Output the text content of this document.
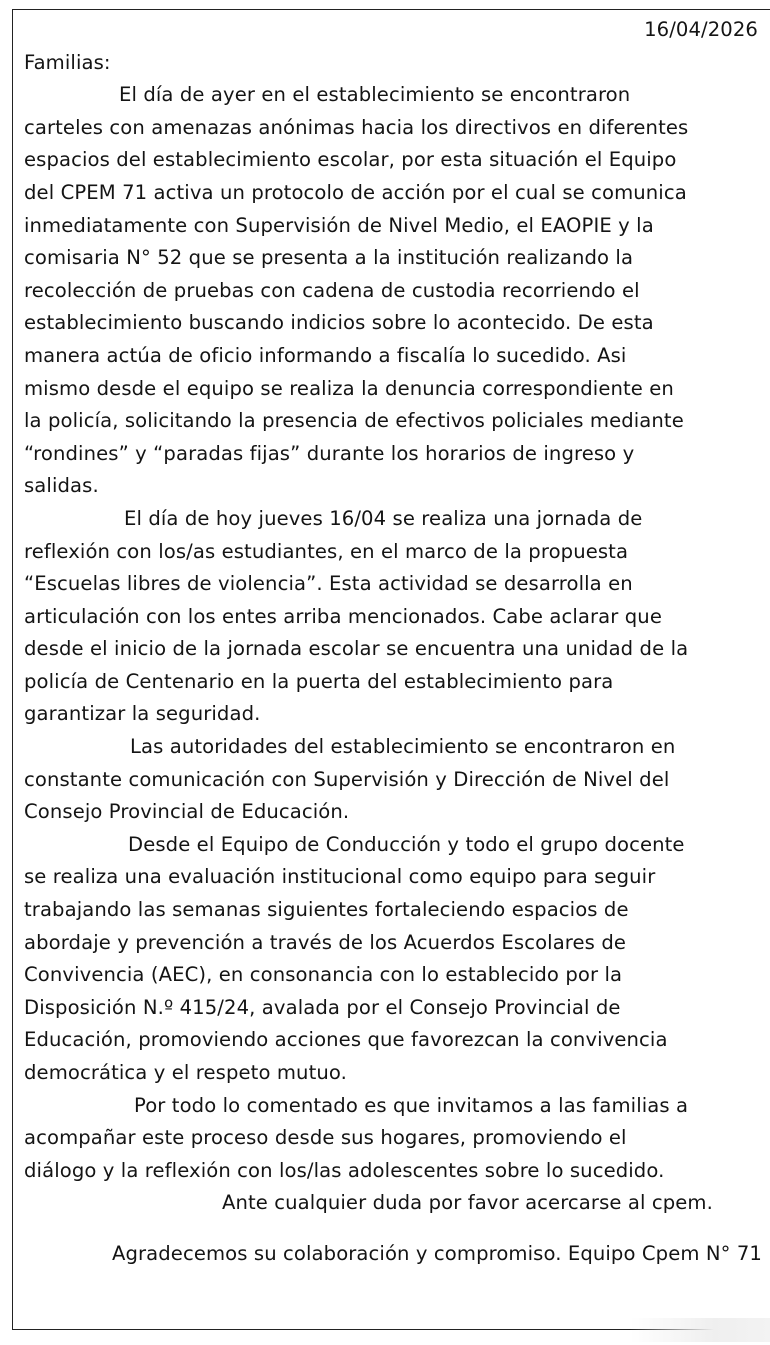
16/04/2026
Familias:
El día de ayer en el establecimiento se encontraron
carteles con amenazas anónimas hacia los directivos en diferentes
espacios del establecimiento escolar, por esta situación el Equipo
del CPEM 71 activa un protocolo de acción por el cual se comunica
inmediatamente con Supervisión de Nivel Medio, el EAOPIE y la
comisaria N° 52 que se presenta a la institución realizando la
recolección de pruebas con cadena de custodia recorriendo el
establecimiento buscando indicios sobre lo acontecido. De esta
manera actúa de oficio informando a fiscalía lo sucedido. Asi
mismo desde el equipo se realiza la denuncia correspondiente en
la policía, solicitando la presencia de efectivos policiales mediante
“rondines” y “paradas fijas” durante los horarios de ingreso y
salidas.
El día de hoy jueves 16/04 se realiza una jornada de
reflexión con los/as estudiantes, en el marco de la propuesta
“Escuelas libres de violencia”. Esta actividad se desarrolla en
articulación con los entes arriba mencionados. Cabe aclarar que
desde el inicio de la jornada escolar se encuentra una unidad de la
policía de Centenario en la puerta del establecimiento para
garantizar la seguridad.
Las autoridades del establecimiento se encontraron en
constante comunicación con Supervisión y Dirección de Nivel del
Consejo Provincial de Educación.
Desde el Equipo de Conducción y todo el grupo docente
se realiza una evaluación institucional como equipo para seguir
trabajando las semanas siguientes fortaleciendo espacios de
abordaje y prevención a través de los Acuerdos Escolares de
Convivencia (AEC), en consonancia con lo establecido por la
Disposición N.º 415/24, avalada por el Consejo Provincial de
Educación, promoviendo acciones que favorezcan la convivencia
democrática y el respeto mutuo.
Por todo lo comentado es que invitamos a las familias a
acompañar este proceso desde sus hogares, promoviendo el
diálogo y la reflexión con los/las adolescentes sobre lo sucedido.
Ante cualquier duda por favor acercarse al cpem.
Agradecemos su colaboración y compromiso. Equipo Cpem N° 71
